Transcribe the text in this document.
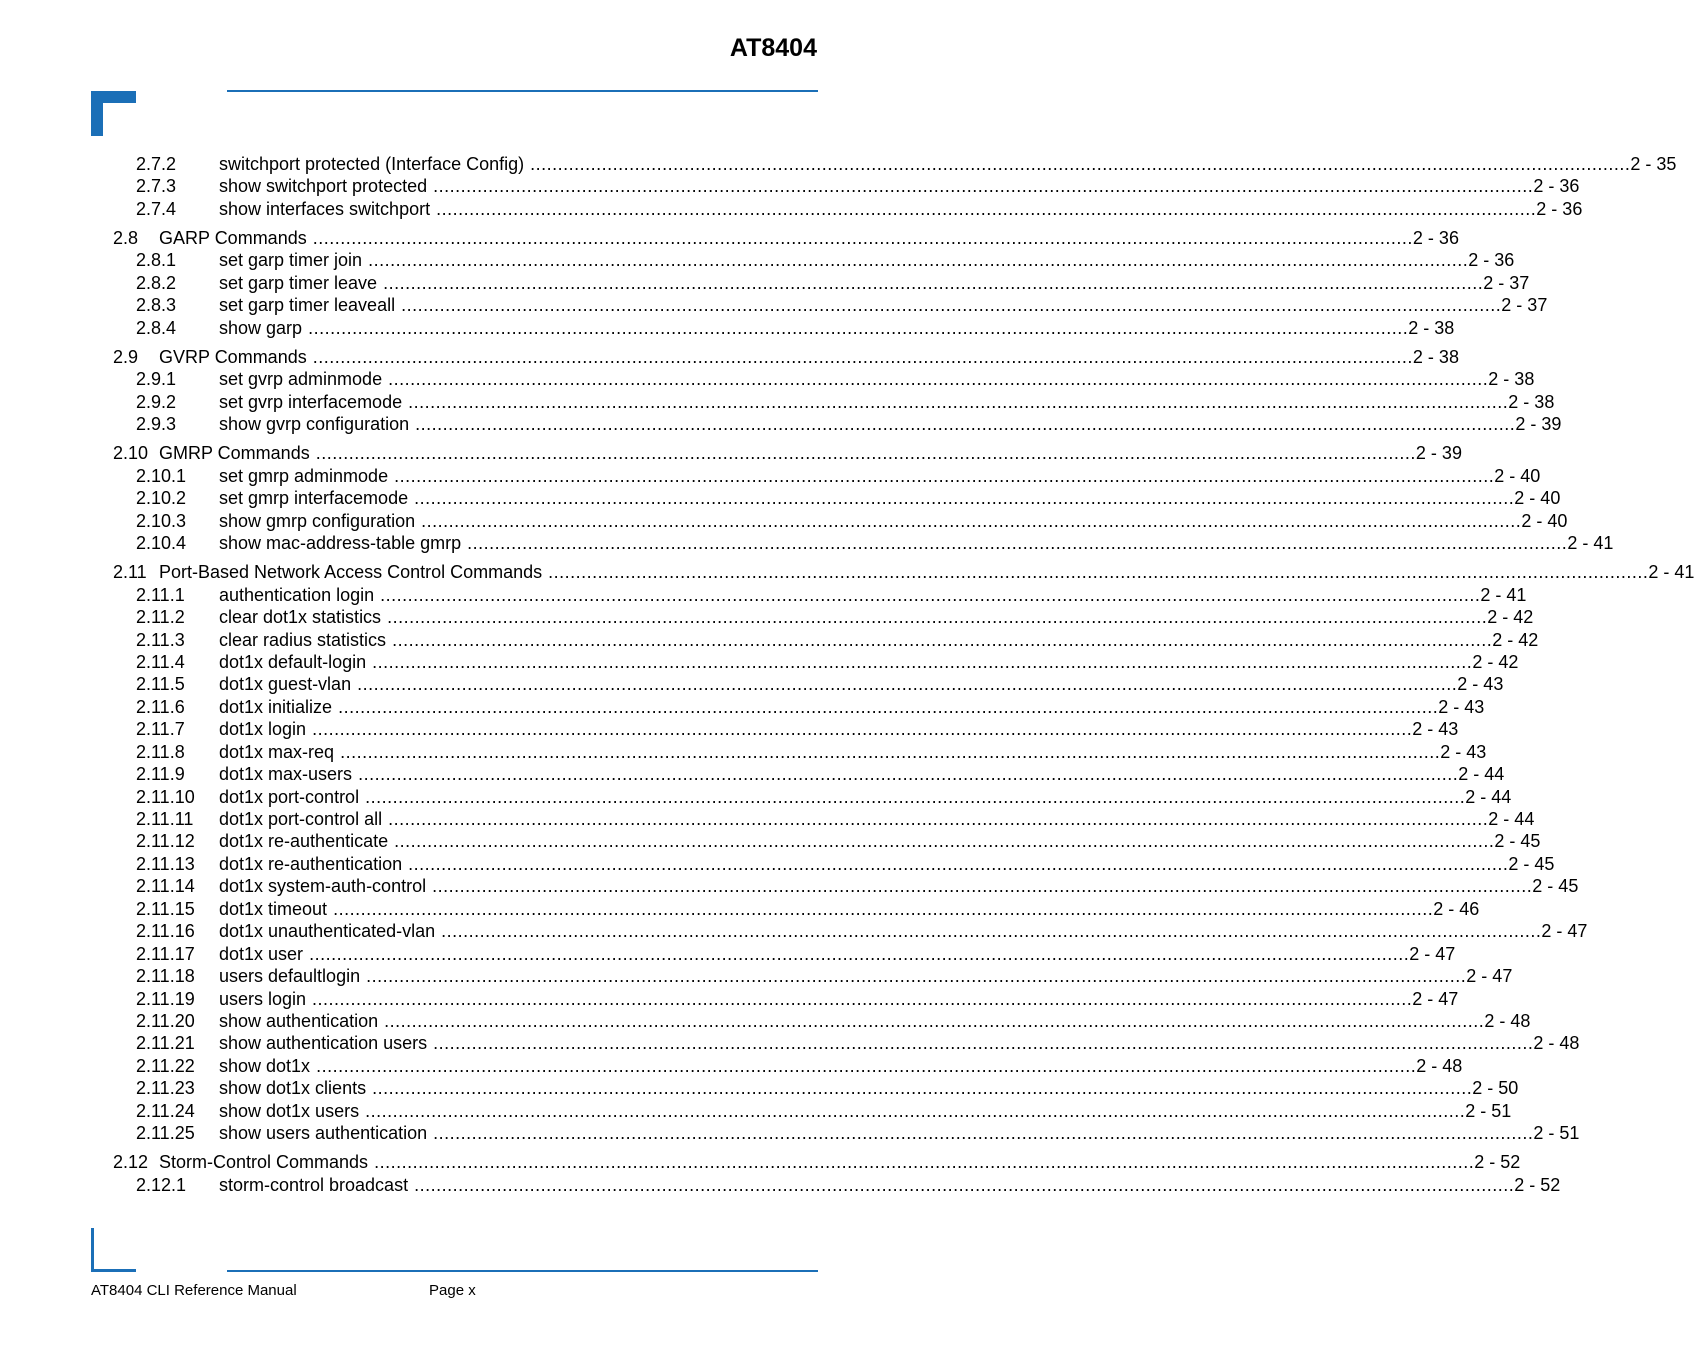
AT8404
2.7.2 switchport protected (Interface Config) ........................................................................................................................................................................................................ 2 - 35
2.7.3 show switchport protected ........................................................................................................................................................................................................ 2 - 36
2.7.4 show interfaces switchport ........................................................................................................................................................................................................ 2 - 36
2.8 GARP Commands ........................................................................................................................................................................................................ 2 - 36
2.8.1 set garp timer join ........................................................................................................................................................................................................ 2 - 36
2.8.2 set garp timer leave ........................................................................................................................................................................................................ 2 - 37
2.8.3 set garp timer leaveall ........................................................................................................................................................................................................ 2 - 37
2.8.4 show garp ........................................................................................................................................................................................................ 2 - 38
2.9 GVRP Commands ........................................................................................................................................................................................................ 2 - 38
2.9.1 set gvrp adminmode ........................................................................................................................................................................................................ 2 - 38
2.9.2 set gvrp interfacemode ........................................................................................................................................................................................................ 2 - 38
2.9.3 show gvrp configuration ........................................................................................................................................................................................................ 2 - 39
2.10 GMRP Commands ........................................................................................................................................................................................................ 2 - 39
2.10.1 set gmrp adminmode ........................................................................................................................................................................................................ 2 - 40
2.10.2 set gmrp interfacemode ........................................................................................................................................................................................................ 2 - 40
2.10.3 show gmrp configuration ........................................................................................................................................................................................................ 2 - 40
2.10.4 show mac-address-table gmrp ........................................................................................................................................................................................................ 2 - 41
2.11 Port-Based Network Access Control Commands ........................................................................................................................................................................................................ 2 - 41
2.11.1 authentication login ........................................................................................................................................................................................................ 2 - 41
2.11.2 clear dot1x statistics ........................................................................................................................................................................................................ 2 - 42
2.11.3 clear radius statistics ........................................................................................................................................................................................................ 2 - 42
2.11.4 dot1x default-login ........................................................................................................................................................................................................ 2 - 42
2.11.5 dot1x guest-vlan ........................................................................................................................................................................................................ 2 - 43
2.11.6 dot1x initialize ........................................................................................................................................................................................................ 2 - 43
2.11.7 dot1x login ........................................................................................................................................................................................................ 2 - 43
2.11.8 dot1x max-req ........................................................................................................................................................................................................ 2 - 43
2.11.9 dot1x max-users ........................................................................................................................................................................................................ 2 - 44
2.11.10 dot1x port-control ........................................................................................................................................................................................................ 2 - 44
2.11.11 dot1x port-control all ........................................................................................................................................................................................................ 2 - 44
2.11.12 dot1x re-authenticate ........................................................................................................................................................................................................ 2 - 45
2.11.13 dot1x re-authentication ........................................................................................................................................................................................................ 2 - 45
2.11.14 dot1x system-auth-control ........................................................................................................................................................................................................ 2 - 45
2.11.15 dot1x timeout ........................................................................................................................................................................................................ 2 - 46
2.11.16 dot1x unauthenticated-vlan ........................................................................................................................................................................................................ 2 - 47
2.11.17 dot1x user ........................................................................................................................................................................................................ 2 - 47
2.11.18 users defaultlogin ........................................................................................................................................................................................................ 2 - 47
2.11.19 users login ........................................................................................................................................................................................................ 2 - 47
2.11.20 show authentication ........................................................................................................................................................................................................ 2 - 48
2.11.21 show authentication users ........................................................................................................................................................................................................ 2 - 48
2.11.22 show dot1x ........................................................................................................................................................................................................ 2 - 48
2.11.23 show dot1x clients ........................................................................................................................................................................................................ 2 - 50
2.11.24 show dot1x users ........................................................................................................................................................................................................ 2 - 51
2.11.25 show users authentication ........................................................................................................................................................................................................ 2 - 51
2.12 Storm-Control Commands ........................................................................................................................................................................................................ 2 - 52
2.12.1 storm-control broadcast ........................................................................................................................................................................................................ 2 - 52
AT8404 CLI Reference Manual	Page x
